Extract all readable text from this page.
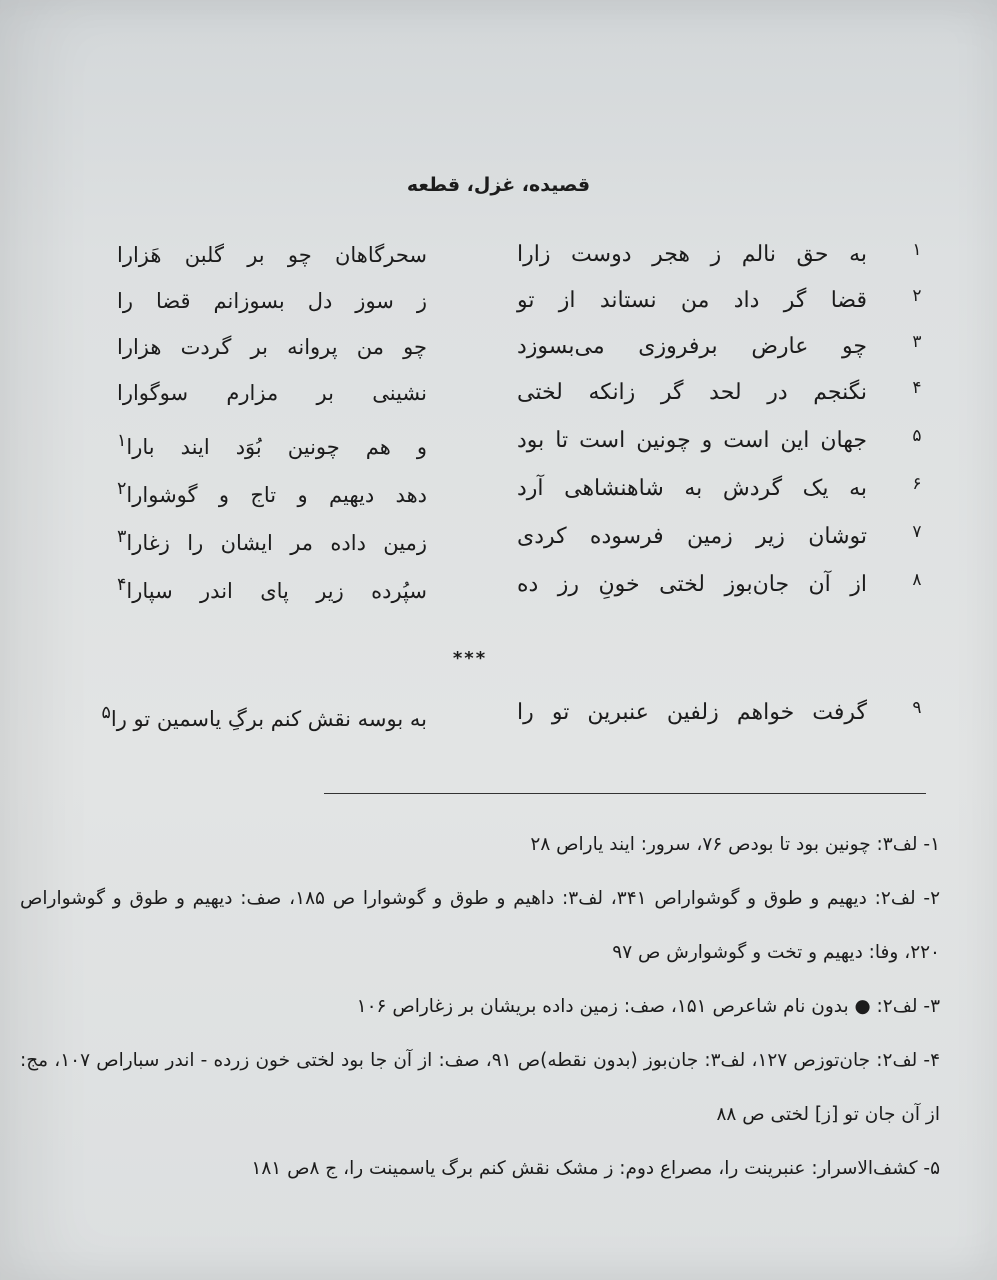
قصیده، غزل، قطعه
۱
به حق نالم ز هجر دوست زارا
سحرگاهان چو بر گلبن هَزارا
۲
قضا گر داد من نستاند از تو
ز سوز دل بسوزانم قضا را
۳
چو عارض برفروزی می‌بسوزد
چو من پروانه بر گردت هزارا
۴
نگنجم در لحد گر زانکه لختی
نشینی بر مزارم سوگوارا
۵
جهان این است و چونین است تا بود
و هم چونین بُوَد ایند بارا$^۱$
۶
به یک گردش به شاهنشاهی آرد
دهد دیهیم و تاج و گوشوارا$^۲$
۷
توشان زیر زمین فرسوده کردی
زمین داده مر ایشان را زغارا$^۳$
۸
از آن جان‌بوز لختی خونِ رز ده
سپُرده زیر پای اندر سپارا$^۴$
***
۹
گرفت خواهم زلفین عنبرین تو را
به بوسه نقش کنم برگِ یاسمین تو را$^۵$

۱- لف۳: چونین بود تا بودص ۷۶، سرور: ایند یاراص ۲۸

۲- لف۲: دیهیم و طوق و گوشواراص ۳۴۱، لف۳: داهیم و طوق و گوشوارا ص ۱۸۵، صف: دیهیم و طوق و گوشواراص ۲۲۰، وفا: دیهیم و تخت و گوشوارش ص ۹۷

۳- لف۲: ● بدون نام شاعرص ۱۵۱، صف: زمین داده بریشان بر زغاراص ۱۰۶

۴- لف۲: جان‌توزص ۱۲۷، لف۳: جان‌بوز (بدون نقطه)ص ۹۱، صف: از آن جا بود لختی خون زرده - اندر سباراص ۱۰۷، مج: از آن جان تو [ز] لختی ص ۸۸

۵- کشف‌الاسرار: عنبرینت را، مصراع دوم: ز مشک نقش کنم برگ یاسمینت را، ج ۸ص ۱۸۱
